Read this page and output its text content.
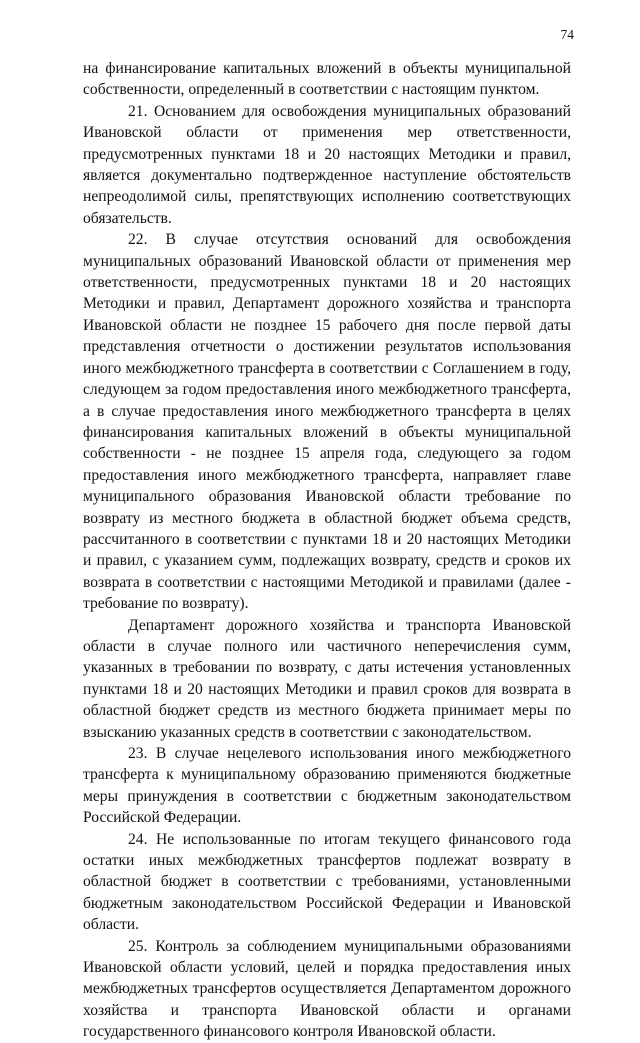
74

на финансирование капитальных вложений в объекты муниципальной собственности, определенный в соответствии с настоящим пунктом.

21. Основанием для освобождения муниципальных образований Ивановской области от применения мер ответственности, предусмотренных пунктами 18 и 20 настоящих Методики и правил, является документально подтвержденное наступление обстоятельств непреодолимой силы, препятствующих исполнению соответствующих обязательств.

22. В случае отсутствия оснований для освобождения муниципальных образований Ивановской области от применения мер ответственности, предусмотренных пунктами 18 и 20 настоящих Методики и правил, Департамент дорожного хозяйства и транспорта Ивановской области не позднее 15 рабочего дня после первой даты представления отчетности о достижении результатов использования иного межбюджетного трансферта в соответствии с Соглашением в году, следующем за годом предоставления иного межбюджетного трансферта, а в случае предоставления иного межбюджетного трансферта в целях финансирования капитальных вложений в объекты муниципальной собственности - не позднее 15 апреля года, следующего за годом предоставления иного межбюджетного трансферта, направляет главе муниципального образования Ивановской области требование по возврату из местного бюджета в областной бюджет объема средств, рассчитанного в соответствии с пунктами 18 и 20 настоящих Методики и правил, с указанием сумм, подлежащих возврату, средств и сроков их возврата в соответствии с настоящими Методикой и правилами (далее - требование по возврату).

Департамент дорожного хозяйства и транспорта Ивановской области в случае полного или частичного неперечисления сумм, указанных в требовании по возврату, с даты истечения установленных пунктами 18 и 20 настоящих Методики и правил сроков для возврата в областной бюджет средств из местного бюджета принимает меры по взысканию указанных средств в соответствии с законодательством.

23. В случае нецелевого использования иного межбюджетного трансферта к муниципальному образованию применяются бюджетные меры принуждения в соответствии с бюджетным законодательством Российской Федерации.

24. Не использованные по итогам текущего финансового года остатки иных межбюджетных трансфертов подлежат возврату в областной бюджет в соответствии с требованиями, установленными бюджетным законодательством Российской Федерации и Ивановской области.

25. Контроль за соблюдением муниципальными образованиями Ивановской области условий, целей и порядка предоставления иных межбюджетных трансфертов осуществляется Департаментом дорожного хозяйства и транспорта Ивановской области и органами государственного финансового контроля Ивановской области.
